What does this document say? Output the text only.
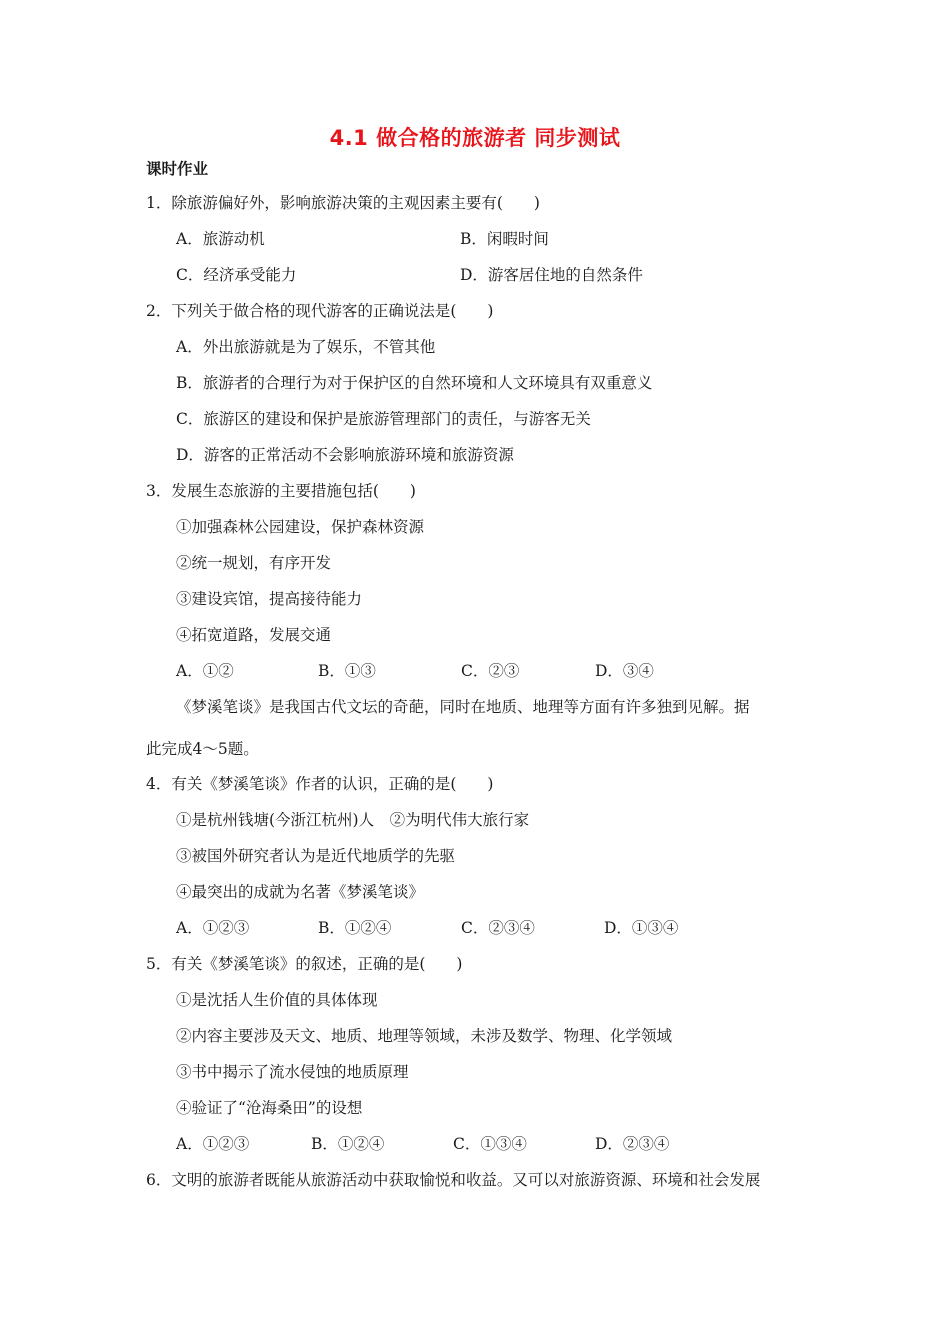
4.1 做合格的旅游者 同步测试
课时作业
1．除旅游偏好外，影响旅游决策的主观因素主要有(　　)
A．旅游动机	B．闲暇时间
C．经济承受能力	D．游客居住地的自然条件
2．下列关于做合格的现代游客的正确说法是(　　)
A．外出旅游就是为了娱乐，不管其他
B．旅游者的合理行为对于保护区的自然环境和人文环境具有双重意义
C．旅游区的建设和保护是旅游管理部门的责任，与游客无关
D．游客的正常活动不会影响旅游环境和旅游资源
3．发展生态旅游的主要措施包括(　　)
①加强森林公园建设，保护森林资源
②统一规划，有序开发
③建设宾馆，提高接待能力
④拓宽道路，发展交通
A．①②	B．①③	C．②③	D．③④
《梦溪笔谈》是我国古代文坛的奇葩，同时在地质、地理等方面有许多独到见解。据
此完成4～5题。
4．有关《梦溪笔谈》作者的认识，正确的是(　　)
①是杭州钱塘(今浙江杭州)人　②为明代伟大旅行家
③被国外研究者认为是近代地质学的先驱
④最突出的成就为名著《梦溪笔谈》
A．①②③	B．①②④	C．②③④	D．①③④
5．有关《梦溪笔谈》的叙述，正确的是(　　)
①是沈括人生价值的具体体现
②内容主要涉及天文、地质、地理等领域，未涉及数学、物理、化学领域
③书中揭示了流水侵蚀的地质原理
④验证了“沧海桑田”的设想
A．①②③	B．①②④	C．①③④	D．②③④
6．文明的旅游者既能从旅游活动中获取愉悦和收益。又可以对旅游资源、环境和社会发展
